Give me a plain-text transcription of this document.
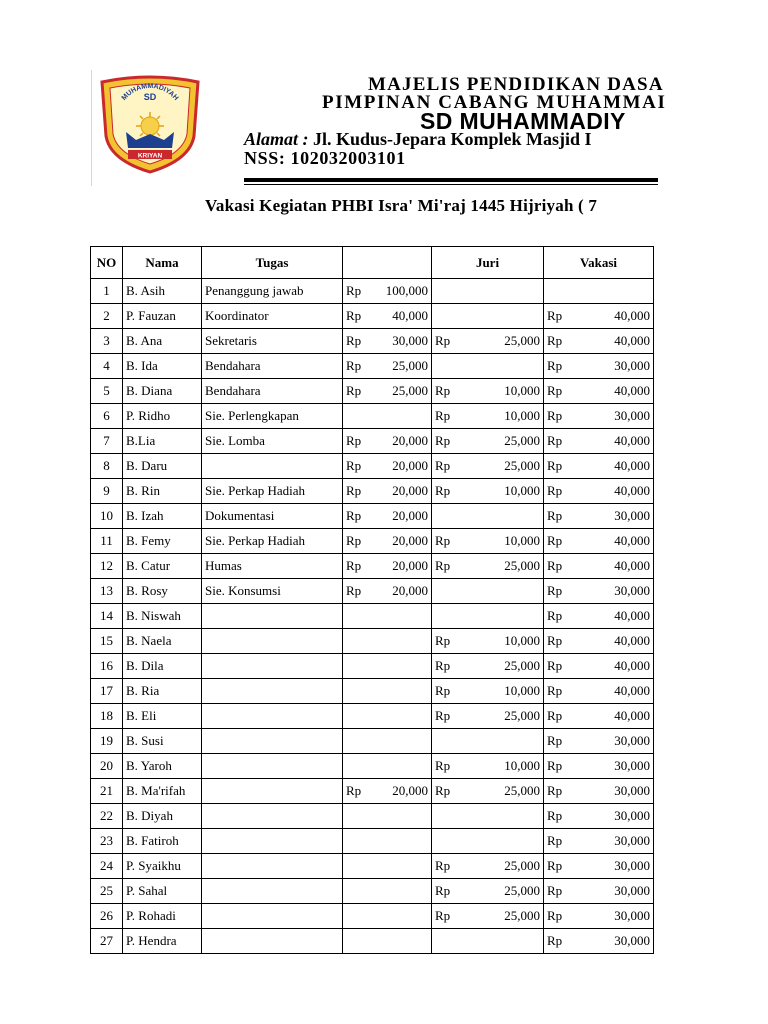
SD
MUHAMMADIYAH
KRIYAN
MAJELIS PENDIDIKAN DASA
PIMPINAN CABANG MUHAMMAI
SD MUHAMMADIY
Alamat : Jl. Kudus-Jepara Komplek Masjid I
NSS: 102032003101
Vakasi Kegiatan PHBI Isra' Mi'raj 1445 Hijriyah ( 7
NO	Nama	Tugas		Juri	Vakasi
1	B. Asih	Penanggung jawab	Rp 100,000		

2	P. Fauzan	Koordinator	Rp 40,000		Rp 40,000

3	B. Ana	Sekretaris	Rp 30,000	Rp 25,000	Rp 40,000

4	B. Ida	Bendahara	Rp 25,000		Rp 30,000

5	B. Diana	Bendahara	Rp 25,000	Rp 10,000	Rp 40,000

6	P. Ridho	Sie. Perlengkapan		Rp 10,000	Rp 30,000

7	B.Lia	Sie. Lomba	Rp 20,000	Rp 25,000	Rp 40,000

8	B. Daru		Rp 20,000	Rp 25,000	Rp 40,000

9	B. Rin	Sie. Perkap Hadiah	Rp 20,000	Rp 10,000	Rp 40,000

10	B. Izah	Dokumentasi	Rp 20,000		Rp 30,000

11	B. Femy	Sie. Perkap Hadiah	Rp 20,000	Rp 10,000	Rp 40,000

12	B. Catur	Humas	Rp 20,000	Rp 25,000	Rp 40,000

13	B. Rosy	Sie. Konsumsi	Rp 20,000		Rp 30,000

14	B. Niswah				Rp 40,000

15	B. Naela			Rp 10,000	Rp 40,000

16	B. Dila			Rp 25,000	Rp 40,000

17	B. Ria			Rp 10,000	Rp 40,000

18	B. Eli			Rp 25,000	Rp 40,000

19	B. Susi				Rp 30,000

20	B. Yaroh			Rp 10,000	Rp 30,000

21	B. Ma'rifah		Rp 20,000	Rp 25,000	Rp 30,000

22	B. Diyah				Rp 30,000

23	B. Fatiroh				Rp 30,000

24	P. Syaikhu			Rp 25,000	Rp 30,000

25	P. Sahal			Rp 25,000	Rp 30,000

26	P. Rohadi			Rp 25,000	Rp 30,000

27	P. Hendra				Rp 30,000
